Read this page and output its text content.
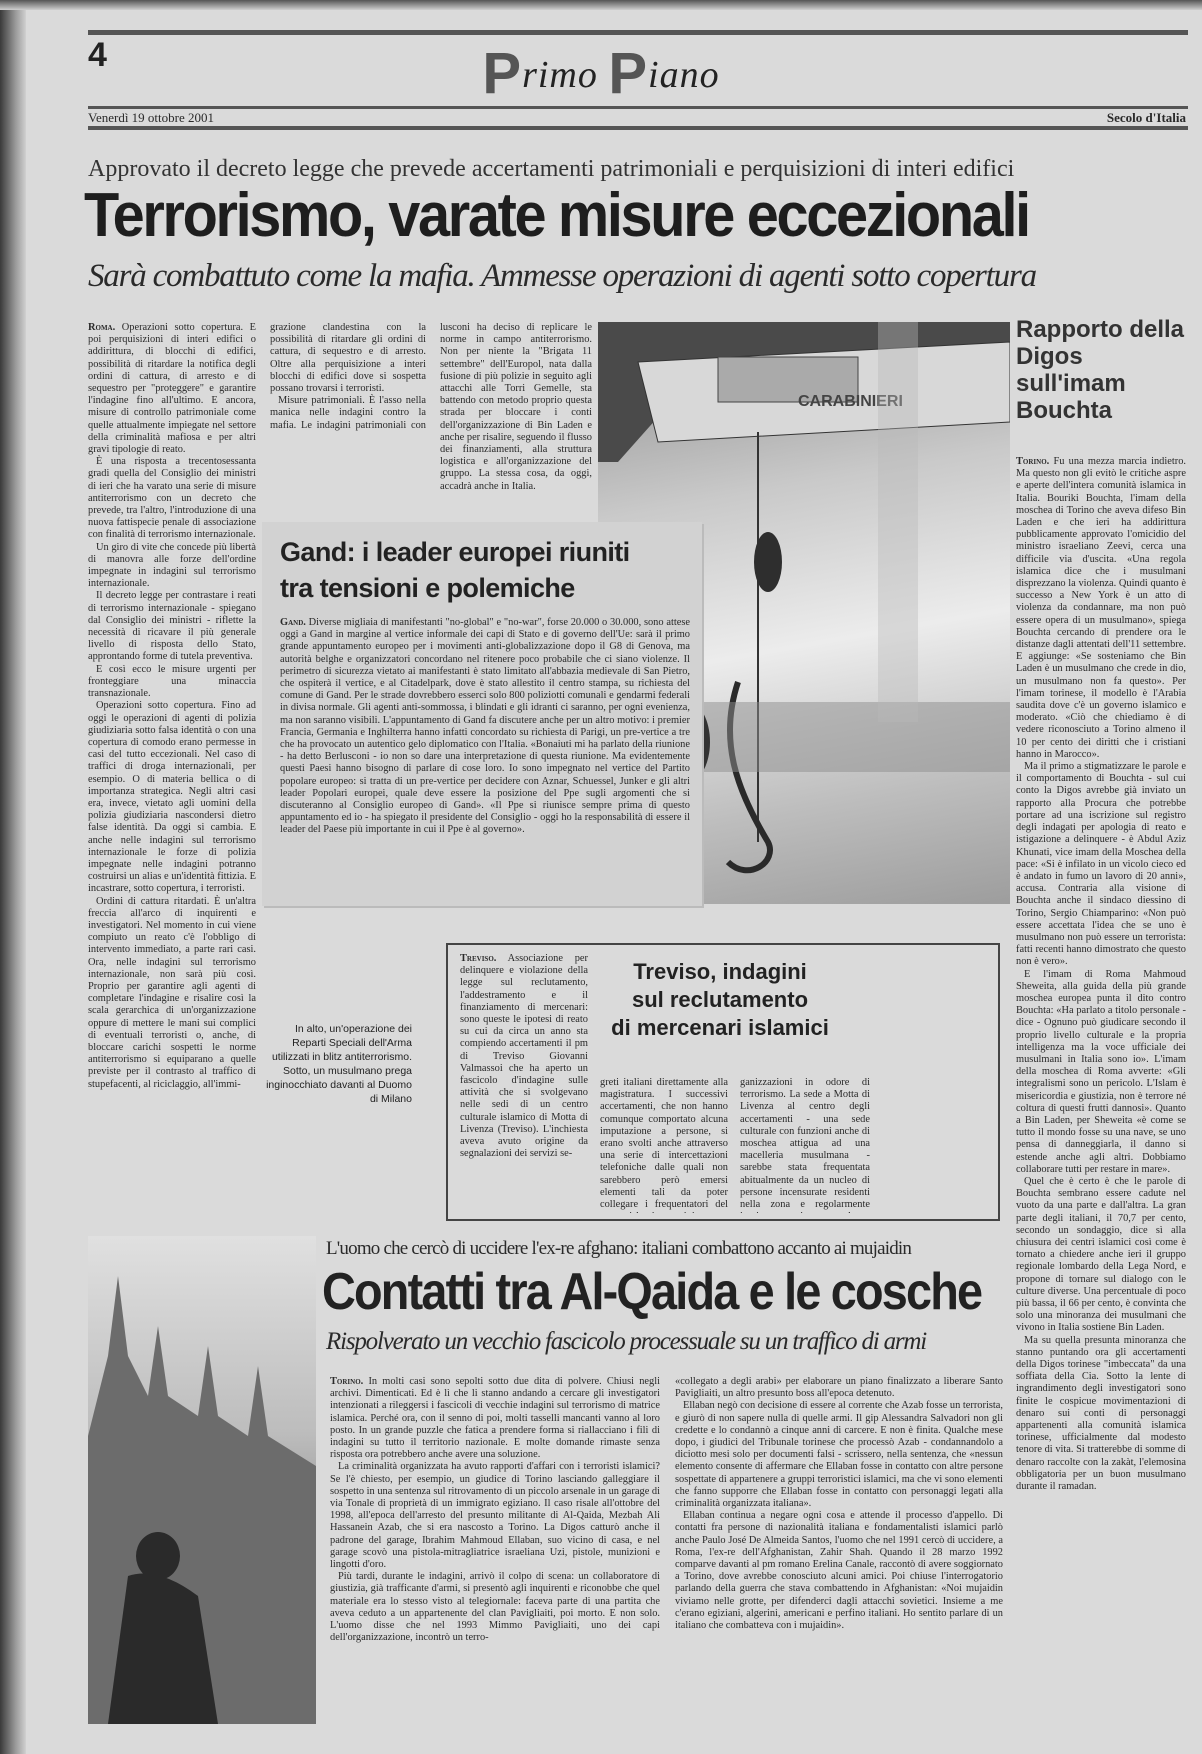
4	Primo Piano
Venerdì 19 ottobre 2001	Secolo d'Italia
Approvato il decreto legge che prevede accertamenti patrimoniali e perquisizioni di interi edifici
Terrorismo, varate misure eccezionali
Sarà combattuto come la mafia. Ammesse operazioni di agenti sotto copertura

Roma. Operazioni sotto copertura. E poi perquisizioni di interi edifici o addirittura, di blocchi di edifici, possibilità di ritardare la notifica degli ordini di cattura, di arresto e di sequestro per "proteggere" e garantire l'indagine fino all'ultimo. E ancora, misure di controllo patrimoniale come quelle attualmente impiegate nel settore della criminalità mafiosa e per altri gravi tipologie di reato.

È una risposta a trecentosessanta gradi quella del Consiglio dei ministri di ieri che ha varato una serie di misure antiterrorismo con un decreto che prevede, tra l'altro, l'introduzione di una nuova fattispecie penale di associazione con finalità di terrorismo internazionale.

Un giro di vite che concede più libertà di manovra alle forze dell'ordine impegnate in indagini sul terrorismo internazionale.

Il decreto legge per contrastare i reati di terrorismo internazionale - spiegano dal Consiglio dei ministri - riflette la necessità di ricavare il più generale livello di risposta dello Stato, approntando forme di tutela preventiva.

E così ecco le misure urgenti per fronteggiare una minaccia transnazionale.

Operazioni sotto copertura. Fino ad oggi le operazioni di agenti di polizia giudiziaria sotto falsa identità o con una copertura di comodo erano permesse in casi del tutto eccezionali. Nel caso di traffici di droga internazionali, per esempio. O di materia bellica o di importanza strategica. Negli altri casi era, invece, vietato agli uomini della polizia giudiziaria nascondersi dietro false identità. Da oggi si cambia. E anche nelle indagini sul terrorismo internazionale le forze di polizia impegnate nelle indagini potranno costruirsi un alias e un'identità fittizia. E incastrare, sotto copertura, i terroristi.

Ordini di cattura ritardati. È un'altra freccia all'arco di inquirenti e investigatori. Nel momento in cui viene compiuto un reato c'è l'obbligo di intervento immediato, a parte rari casi. Ora, nelle indagini sul terrorismo internazionale, non sarà più così. Proprio per garantire agli agenti di completare l'indagine e risalire così la scala gerarchica di un'organizzazione oppure di mettere le mani sui complici di eventuali terroristi o, anche, di bloccare carichi sospetti le norme antiterrorismo si equiparano a quelle previste per il contrasto al traffico di stupefacenti, al riciclaggio, all'immi-

grazione clandestina con la possibilità di ritardare gli ordini di cattura, di sequestro e di arresto. Oltre alla perquisizione a interi blocchi di edifici dove si sospetta possano trovarsi i terroristi.

Misure patrimoniali. È l'asso nella manica nelle indagini contro la mafia. Le indagini patrimoniali con

lusconi ha deciso di replicare le norme in campo antiterrorismo. Non per niente la "Brigata 11 settembre" dell'Europol, nata dalla fusione di più polizie in seguito agli attacchi alle Torri Gemelle, sta battendo con metodo proprio questa strada per bloccare i conti dell'organizzazione di Bin Laden e anche per risalire, seguendo il flusso dei finanziamenti, alla struttura logistica e all'organizzazione del gruppo. La stessa cosa, da oggi, accadrà anche in Italia.

CARABINIERI
Gand: i leader europei riuniti
tra tensioni e polemiche

Gand. Diverse migliaia di manifestanti "no-global" e "no-war", forse 20.000 o 30.000, sono attese oggi a Gand in margine al vertice informale dei capi di Stato e di governo dell'Ue: sarà il primo grande appuntamento europeo per i movimenti anti-globalizzazione dopo il G8 di Genova, ma autorità belghe e organizzatori concordano nel ritenere poco probabile che ci siano violenze. Il perimetro di sicurezza vietato ai manifestanti è stato limitato all'abbazia medievale di San Pietro, che ospiterà il vertice, e al Citadelpark, dove è stato allestito il centro stampa, su richiesta del comune di Gand. Per le strade dovrebbero esserci solo 800 poliziotti comunali e gendarmi federali in divisa normale. Gli agenti anti-sommossa, i blindati e gli idranti ci saranno, per ogni evenienza, ma non saranno visibili. L'appuntamento di Gand fa discutere anche per un altro motivo: i premier Francia, Germania e Inghilterra hanno infatti concordato su richiesta di Parigi, un pre-vertice a tre che ha provocato un autentico gelo diplomatico con l'Italia. «Bonaiuti mi ha parlato della riunione - ha detto Berlusconi - io non so dare una interpretazione di questa riunione. Ma evidentemente questi Paesi hanno bisogno di parlare di cose loro. Io sono impegnato nel vertice del Partito popolare europeo: si tratta di un pre-vertice per decidere con Aznar, Schuessel, Junker e gli altri leader Popolari europei, quale deve essere la posizione del Ppe sugli argomenti che si discuteranno al Consiglio europeo di Gand». «Il Ppe si riunisce sempre prima di questo appuntamento ed io - ha spiegato il presidente del Consiglio - oggi ho la responsabilità di essere il leader del Paese più importante in cui il Ppe è al governo».

Rapporto della Digos sull'imam Bouchta

Torino. Fu una mezza marcia indietro. Ma questo non gli evitò le critiche aspre e aperte dell'intera comunità islamica in Italia. Bouriki Bouchta, l'imam della moschea di Torino che aveva difeso Bin Laden e che ieri ha addirittura pubblicamente approvato l'omicidio del ministro israeliano Zeevi, cerca una difficile via d'uscita. «Una regola islamica dice che i musulmani disprezzano la violenza. Quindi quanto è successo a New York è un atto di violenza da condannare, ma non può essere opera di un musulmano», spiega Bouchta cercando di prendere ora le distanze dagli attentati dell'11 settembre. E aggiunge: «Se sosteniamo che Bin Laden è un musulmano che crede in dio, un musulmano non fa questo». Per l'imam torinese, il modello è l'Arabia saudita dove c'è un governo islamico e moderato. «Ciò che chiediamo è di vedere riconosciuto a Torino almeno il 10 per cento dei diritti che i cristiani hanno in Marocco».

Ma il primo a stigmatizzare le parole e il comportamento di Bouchta - sul cui conto la Digos avrebbe già inviato un rapporto alla Procura che potrebbe portare ad una iscrizione sul registro degli indagati per apologia di reato e istigazione a delinquere - è Abdul Aziz Khunati, vice imam della Moschea della pace: «Si è infilato in un vicolo cieco ed è andato in fumo un lavoro di 20 anni», accusa. Contraria alla visione di Bouchta anche il sindaco diessino di Torino, Sergio Chiamparino: «Non può essere accettata l'idea che se uno è musulmano non può essere un terrorista: fatti recenti hanno dimostrato che questo non è vero».

E l'imam di Roma Mahmoud Sheweita, alla guida della più grande moschea europea punta il dito contro Bouchta: «Ha parlato a titolo personale - dice - Ognuno può giudicare secondo il proprio livello culturale e la propria intelligenza ma la voce ufficiale dei musulmani in Italia sono io». L'imam della moschea di Roma avverte: «Gli integralismi sono un pericolo. L'Islam è misericordia e giustizia, non è terrore né coltura di questi frutti dannosi». Quanto a Bin Laden, per Sheweita «è come se tutto il mondo fosse su una nave, se uno pensa di danneggiarla, il danno si estende anche agli altri. Dobbiamo collaborare tutti per restare in mare».

Quel che è certo è che le parole di Bouchta sembrano essere cadute nel vuoto da una parte e dall'altra. La gran parte degli italiani, il 70,7 per cento, secondo un sondaggio, dice sì alla chiusura dei centri islamici così come è tornato a chiedere anche ieri il gruppo regionale lombardo della Lega Nord, e propone di tornare sul dialogo con le culture diverse. Una percentuale di poco più bassa, il 66 per cento, è convinta che solo una minoranza dei musulmani che vivono in Italia sostiene Bin Laden.

Ma su quella presunta minoranza che stanno puntando ora gli accertamenti della Digos torinese "imbeccata" da una soffiata della Cia. Sotto la lente di ingrandimento degli investigatori sono finite le cospicue movimentazioni di denaro sui conti di personaggi appartenenti alla comunità islamica torinese, ufficialmente dal modesto tenore di vita. Si tratterebbe di somme di denaro raccolte con la zakàt, l'elemosina obbligatoria per un buon musulmano durante il ramadan.

In alto, un'operazione dei Reparti Speciali dell'Arma utilizzati in blitz antiterrorismo. Sotto, un musulmano prega inginocchiato davanti al Duomo di Milano
Treviso, indagini
sul reclutamento
di mercenari islamici

Treviso. Associazione per delinquere e violazione della legge sul reclutamento, l'addestramento e il finanziamento di mercenari: sono queste le ipotesi di reato su cui da circa un anno sta compiendo accertamenti il pm di Treviso Giovanni Valmassoi che ha aperto un fascicolo d'indagine sulle attività che si svolgevano nelle sedi di un centro culturale islamico di Motta di Livenza (Treviso). L'inchiesta aveva avuto origine da segnalazioni dei servizi se-

greti italiani direttamente alla magistratura. I successivi accertamenti, che non hanno comunque comportato alcuna imputazione a persone, si erano svolti anche attraverso una serie di intercettazioni telefoniche dalle quali non sarebbero però emersi elementi tali da poter collegare i frequentatori del

ganizzazioni in odore di terrorismo. La sede a Motta di Livenza al centro degli accertamenti - una sede culturale con funzioni anche di moschea attigua ad una macelleria musulmana - sarebbe stata frequentata abitualmente da un nucleo di persone incensurate residenti nella zona e regolarmente

L'uomo che cercò di uccidere l'ex-re afghano: italiani combattono accanto ai mujaidin
Contatti tra Al-Qaida e le cosche
Rispolverato un vecchio fascicolo processuale su un traffico di armi

Torino. In molti casi sono sepolti sotto due dita di polvere. Chiusi negli archivi. Dimenticati. Ed è lì che li stanno andando a cercare gli investigatori intenzionati a rileggersi i fascicoli di vecchie indagini sul terrorismo di matrice islamica. Perché ora, con il senno di poi, molti tasselli mancanti vanno al loro posto. In un grande puzzle che fatica a prendere forma si riallacciano i fili di indagini su tutto il territorio nazionale. E molte domande rimaste senza risposta ora potrebbero anche avere una soluzione.

La criminalità organizzata ha avuto rapporti d'affari con i terroristi islamici? Se l'è chiesto, per esempio, un giudice di Torino lasciando galleggiare il sospetto in una sentenza sul ritrovamento di un piccolo arsenale in un garage di via Tonale di proprietà di un immigrato egiziano. Il caso risale all'ottobre del 1998, all'epoca dell'arresto del presunto militante di Al-Qaida, Mezbah Ali Hassanein Azab, che si era nascosto a Torino. La Digos catturò anche il padrone del garage, Ibrahim Mahmoud Ellaban, suo vicino di casa, e nel garage scovò una pistola-mitragliatrice israeliana Uzi, pistole, munizioni e lingotti d'oro.

Più tardi, durante le indagini, arrivò il colpo di scena: un collaboratore di giustizia, già trafficante d'armi, si presentò agli inquirenti e riconobbe che quel materiale era lo stesso visto al telegiornale: faceva parte di una partita che aveva ceduto a un appartenente del clan Pavigliaiti, poi morto. E non solo. L'uomo disse che nel 1993 Mimmo Pavigliaiti, uno dei capi dell'organizzazione, incontrò un terro-

«collegato a degli arabi» per elaborare un piano finalizzato a liberare Santo Pavigliaiti, un altro presunto boss all'epoca detenuto.

Ellaban negò con decisione di essere al corrente che Azab fosse un terrorista, e giurò di non sapere nulla di quelle armi. Il gip Alessandra Salvadori non gli credette e lo condannò a cinque anni di carcere. E non è finita. Qualche mese dopo, i giudici del Tribunale torinese che processò Azab - condannandolo a diciotto mesi solo per documenti falsi - scrissero, nella sentenza, che «nessun elemento consente di affermare che Ellaban fosse in contatto con altre persone sospettate di appartenere a gruppi terroristici islamici, ma che vi sono elementi che fanno supporre che Ellaban fosse in contatto con personaggi legati alla criminalità organizzata italiana».

Ellaban continua a negare ogni cosa e attende il processo d'appello. Di contatti fra persone di nazionalità italiana e fondamentalisti islamici parlò anche Paulo José De Almeida Santos, l'uomo che nel 1991 cercò di uccidere, a Roma, l'ex-re dell'Afghanistan, Zahir Shah. Quando il 28 marzo 1992 comparve davanti al pm romano Erelina Canale, raccontò di avere soggiornato a Torino, dove avrebbe conosciuto alcuni amici. Poi chiuse l'interrogatorio parlando della guerra che stava combattendo in Afghanistan: «Noi mujaidin viviamo nelle grotte, per difenderci dagli attacchi sovietici. Insieme a me c'erano egiziani, algerini, americani e perfino italiani. Ho sentito parlare di un italiano che combatteva con i mujaidin».
